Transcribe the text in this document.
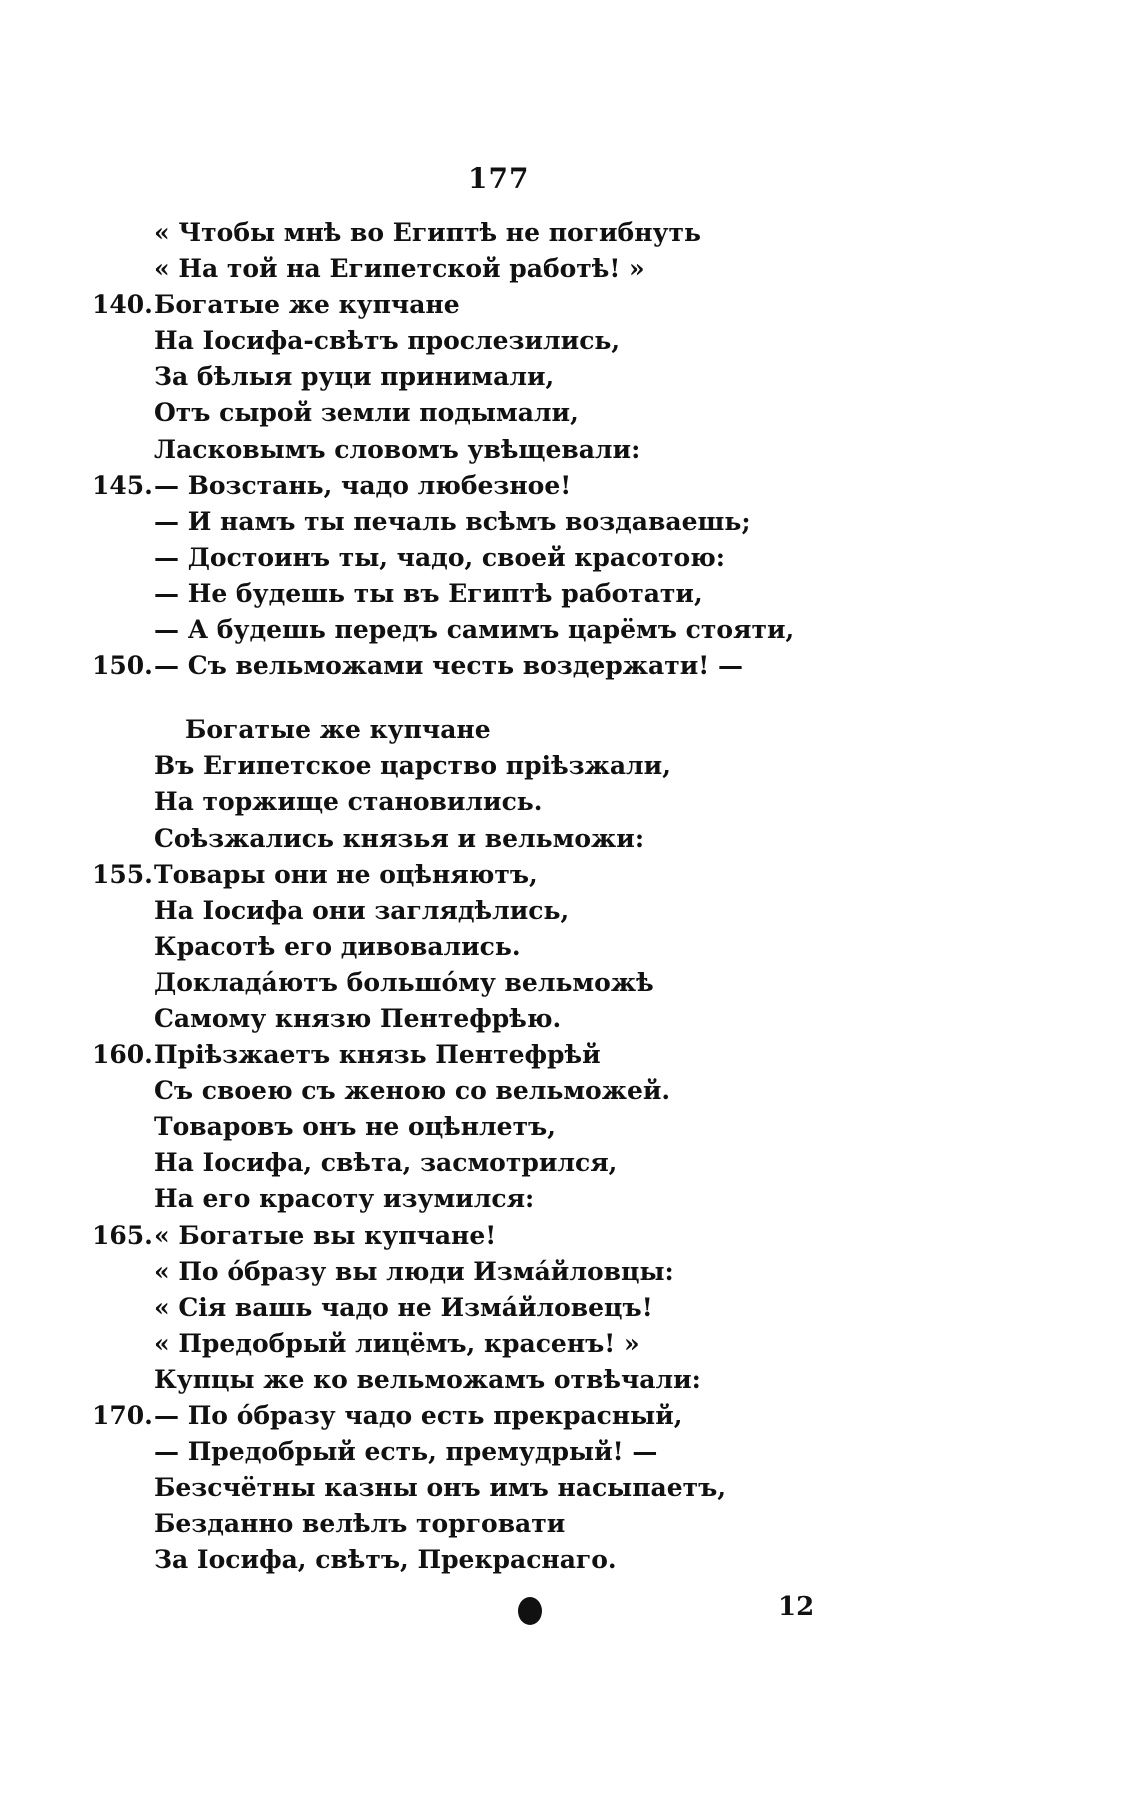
177
« Чтобы мнѣ во Египтѣ не погибнуть
« На той на Египетской работѣ! »
140. Богатые же купчане
На Іосифа-свѣтъ прослезились,
За бѣлыя руци принимали,
Отъ сырой земли подымали,
Ласковымъ словомъ увѣщевали:
145. — Возстань, чадо любезное!
— И намъ ты печаль всѣмъ воздаваешь;
— Достоинъ ты, чадо, своей красотою:
— Не будешь ты въ Египтѣ работати,
— А будешь передъ самимъ царёмъ стояти,
150. — Съ вельможами честь воздержати! —
Богатые же купчане
Въ Египетское царство прiѣзжали,
На торжище становились.
Соѣзжались князья и вельможи:
155. Товары они не оцѣняютъ,
На Іосифа они заглядѣлись,
Красотѣ его дивовались.
Докладáютъ большóму вельможѣ
Самому князю Пентефрѣю.
160. Прiѣзжаетъ князь Пентефрѣй
Съ своею съ женою со вельможей.
Товаровъ онъ не оцѣнлетъ,
На Іосифа, свѣта, засмотрился,
На его красоту изумился:
165. « Богатые вы купчане!
« По óбразу вы люди Измáйловцы:
« Сiя вашь чадо не Измáйловецъ!
« Предобрый лицёмъ, красенъ! »
Купцы же ко вельможамъ отвѣчали:
170. — По óбразу чадо есть прекрасный,
— Предобрый есть, премудрый! —
Безсчётны казны онъ имъ насыпаетъ,
Безданно велѣлъ торговати
За Іосифа, свѣтъ, Прекраснаго.
12
